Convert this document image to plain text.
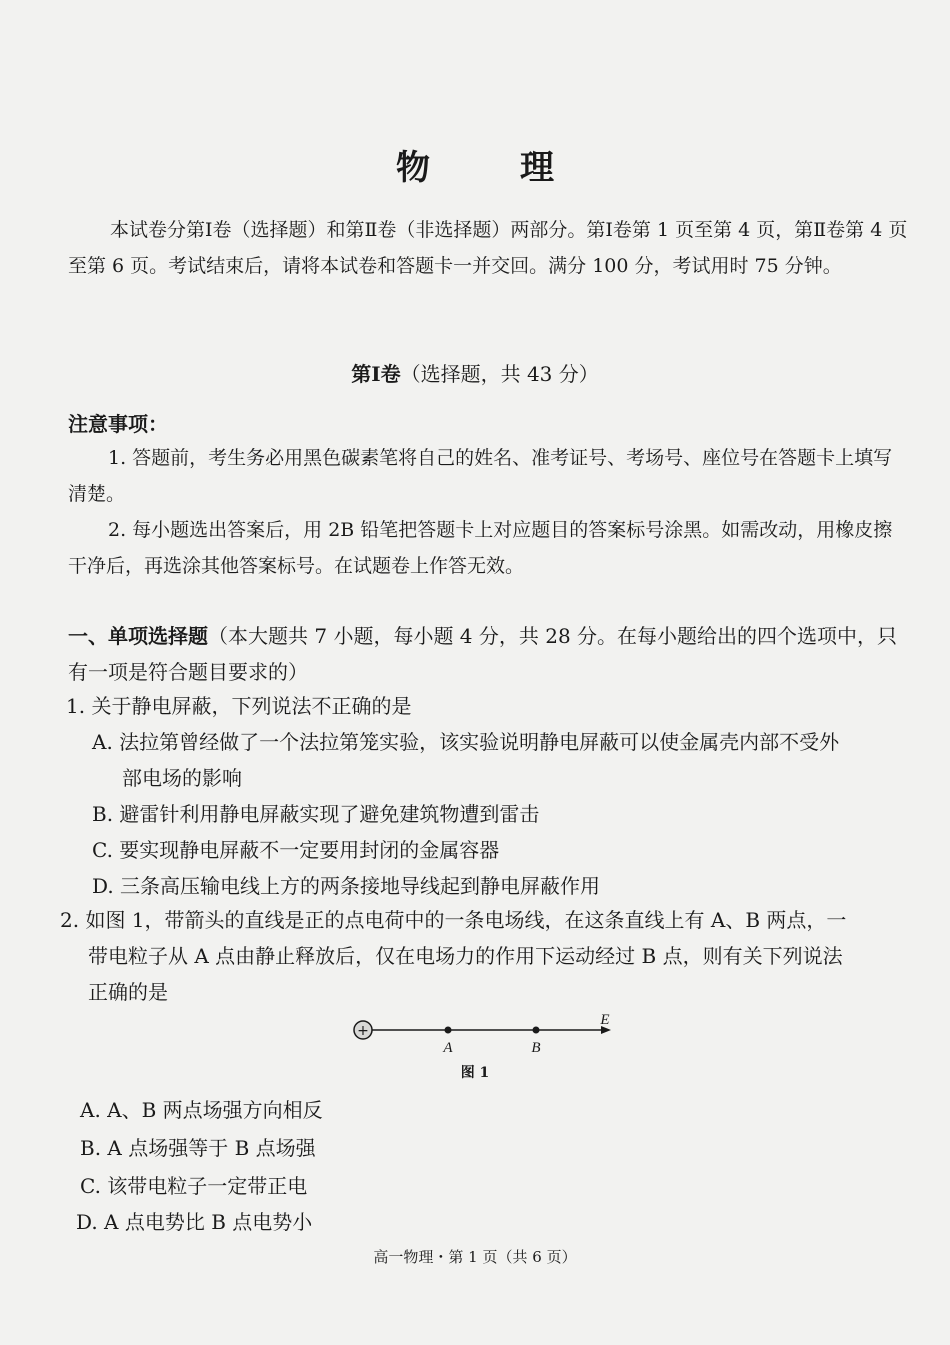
物　理
本试卷分第Ⅰ卷（选择题）和第Ⅱ卷（非选择题）两部分。第Ⅰ卷第 1 页至第 4 页，第Ⅱ卷第 4 页至第 6 页。考试结束后，请将本试卷和答题卡一并交回。满分 100 分，考试用时 75 分钟。
第Ⅰ卷（选择题，共 43 分）
注意事项：
1. 答题前，考生务必用黑色碳素笔将自己的姓名、准考证号、考场号、座位号在答题卡上填写清楚。
2. 每小题选出答案后，用 2B 铅笔把答题卡上对应题目的答案标号涂黑。如需改动，用橡皮擦干净后，再选涂其他答案标号。在试题卷上作答无效。
一、单项选择题（本大题共 7 小题，每小题 4 分，共 28 分。在每小题给出的四个选项中，只有一项是符合题目要求的）
1. 关于静电屏蔽，下列说法不正确的是
A. 法拉第曾经做了一个法拉第笼实验，该实验说明静电屏蔽可以使金属壳内部不受外
部电场的影响
B. 避雷针利用静电屏蔽实现了避免建筑物遭到雷击
C. 要实现静电屏蔽不一定要用封闭的金属容器
D. 三条高压输电线上方的两条接地导线起到静电屏蔽作用
2. 如图 1，带箭头的直线是正的点电荷中的一条电场线，在这条直线上有 A、B 两点，一
带电粒子从 A 点由静止释放后，仅在电场力的作用下运动经过 B 点，则有关下列说法
正确的是
+
A	B
E
图 1
A. A、B 两点场强方向相反
B. A 点场强等于 B 点场强
C. 该带电粒子一定带正电
D. A 点电势比 B 点电势小
高一物理・第 1 页（共 6 页）
